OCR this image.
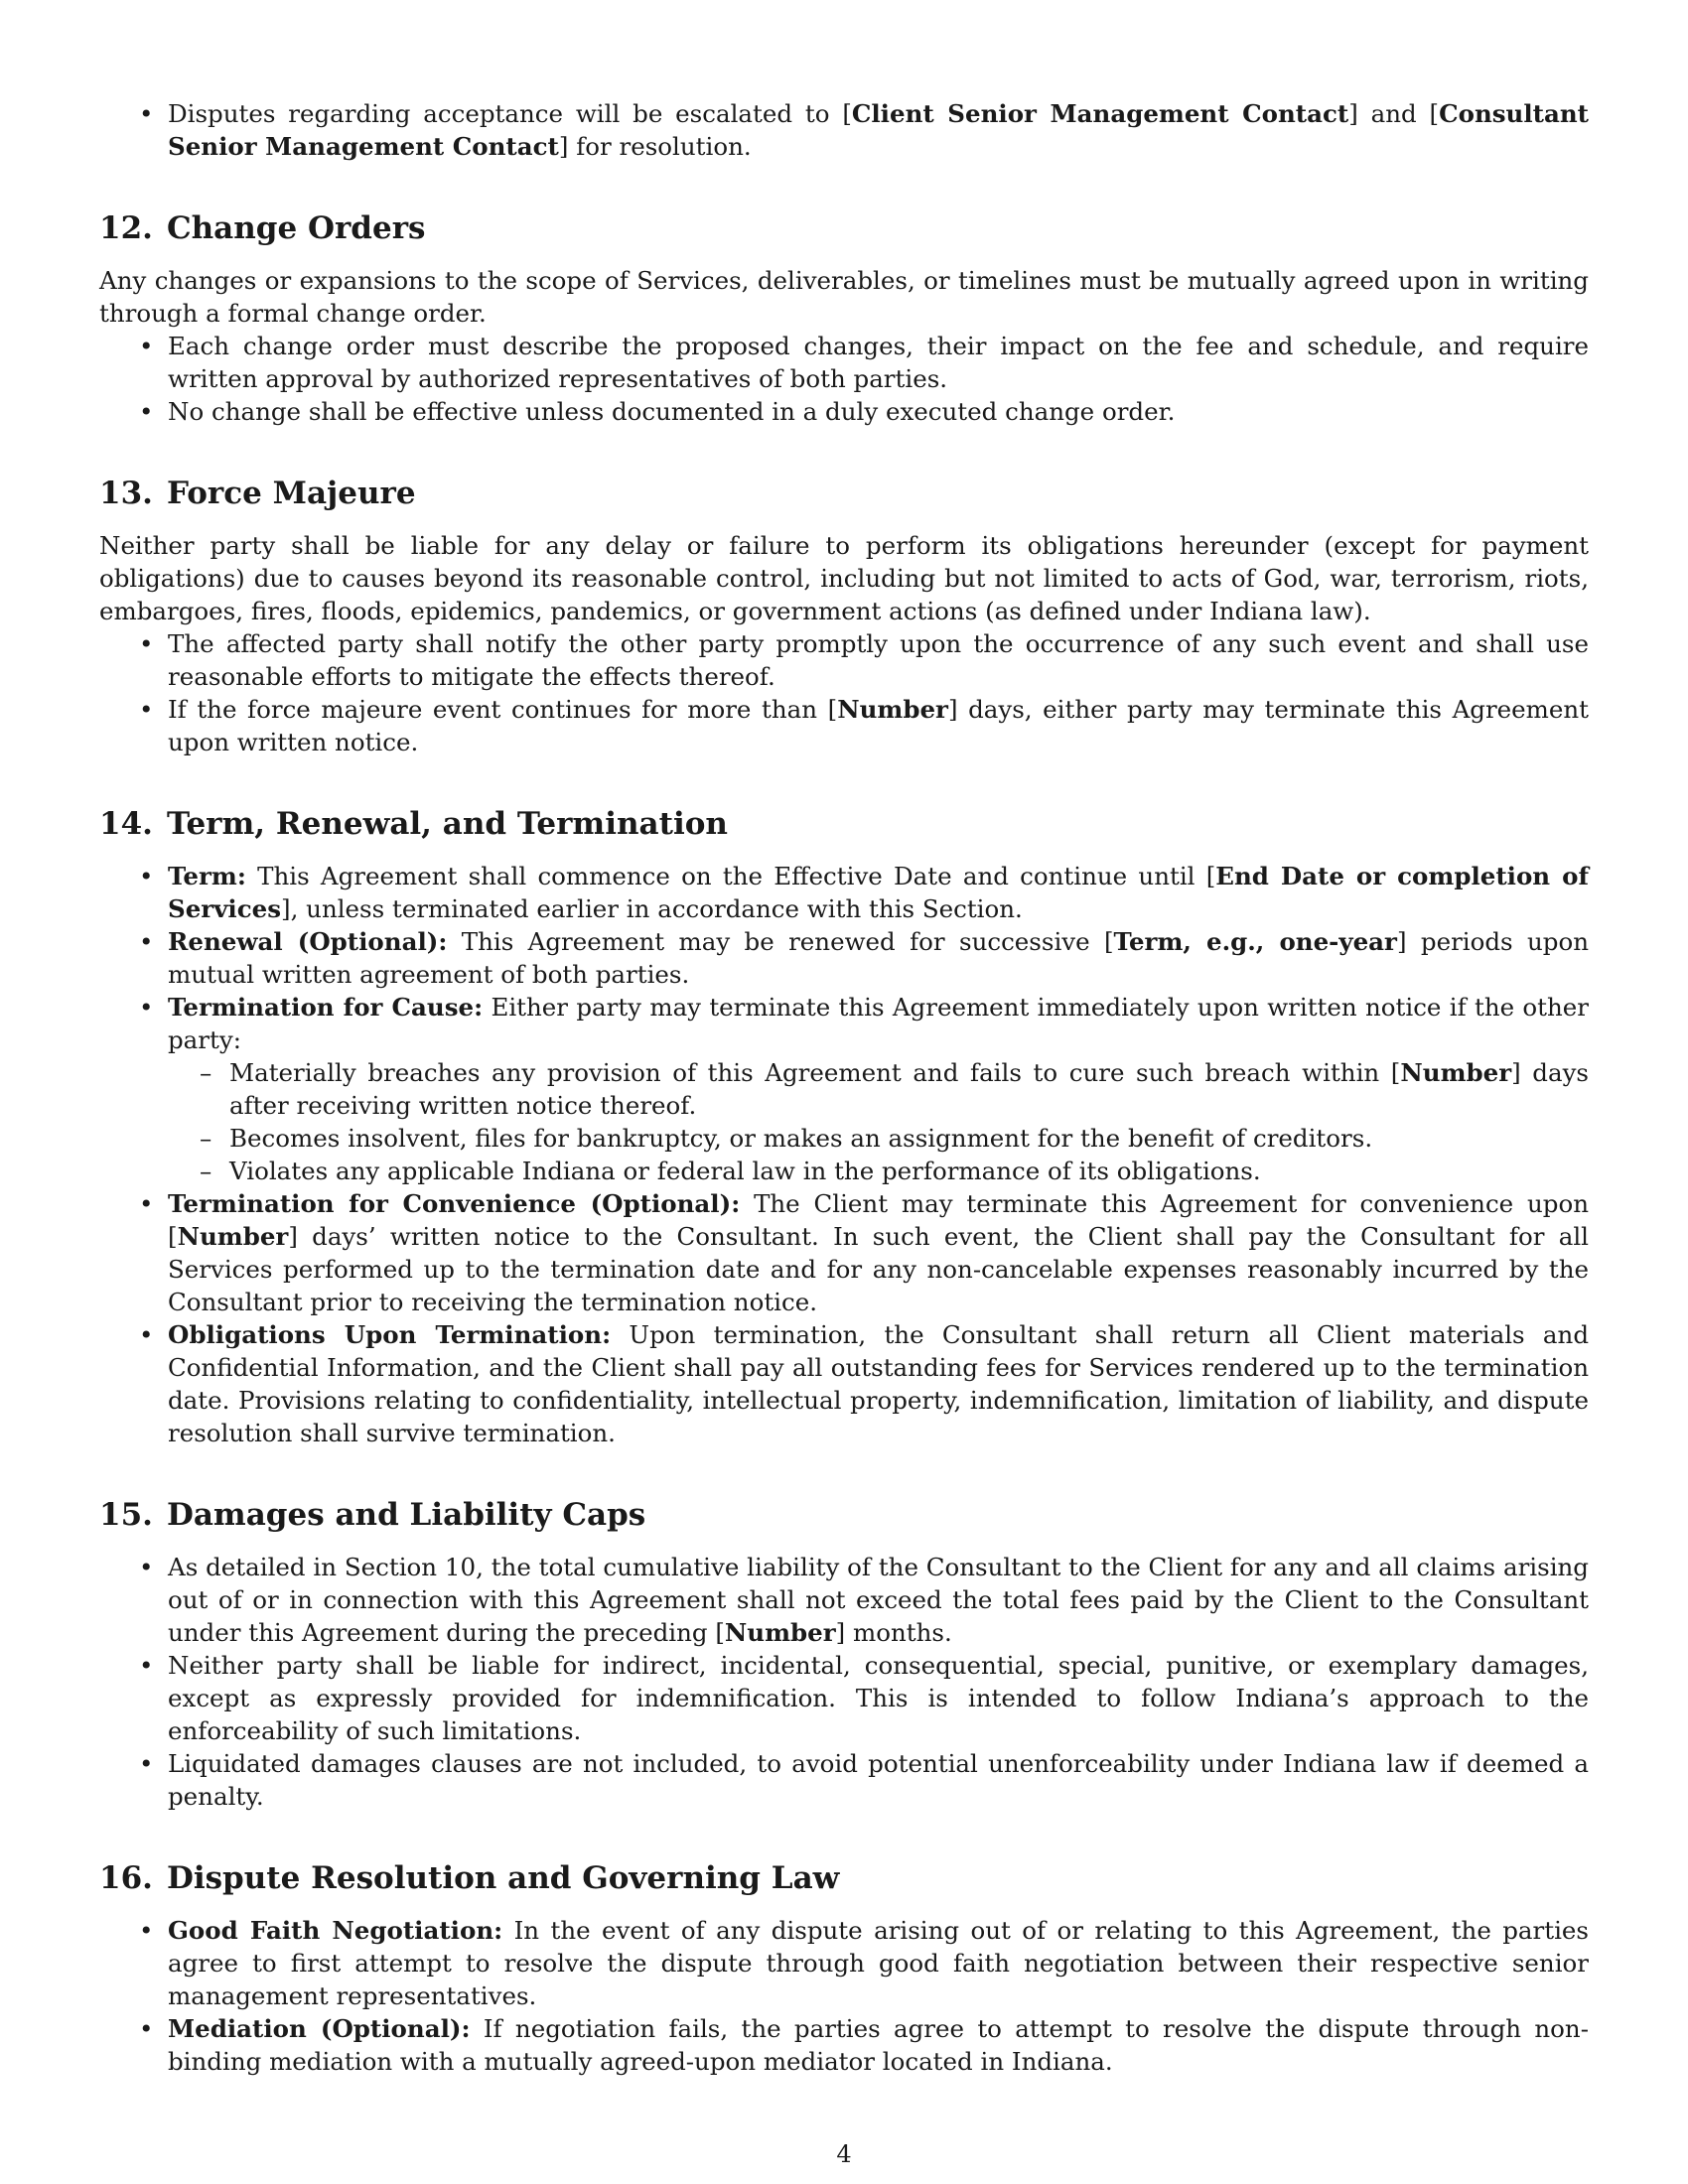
• Disputes regarding acceptance will be escalated to [Client Senior Management Contact] and [Consultant Senior Management Contact] for resolution.
12. Change Orders

Any changes or expansions to the scope of Services, deliverables, or timelines must be mutually agreed upon in writing through a formal change order.

• Each change order must describe the proposed changes, their impact on the fee and schedule, and require written approval by authorized representatives of both parties.
• No change shall be effective unless documented in a duly executed change order.
13. Force Majeure

Neither party shall be liable for any delay or failure to perform its obligations hereunder (except for payment obligations) due to causes beyond its reasonable control, including but not limited to acts of God, war, terrorism, riots, embargoes, fires, floods, epidemics, pandemics, or government actions (as defined under Indiana law).

• The affected party shall notify the other party promptly upon the occurrence of any such event and shall use reasonable efforts to mitigate the effects thereof.
• If the force majeure event continues for more than [Number] days, either party may terminate this Agreement upon written notice.
14. Term, Renewal, and Termination
• Term: This Agreement shall commence on the Effective Date and continue until [End Date or completion of Services], unless terminated earlier in accordance with this Section.
• Renewal (Optional): This Agreement may be renewed for successive [Term, e.g., one-year] periods upon mutual written agreement of both parties.
• Termination for Cause: Either party may terminate this Agreement immediately upon written notice if the other party:
– Materially breaches any provision of this Agreement and fails to cure such breach within [Number] days after receiving written notice thereof.
– Becomes insolvent, files for bankruptcy, or makes an assignment for the benefit of creditors.
– Violates any applicable Indiana or federal law in the performance of its obligations.
• Termination for Convenience (Optional): The Client may terminate this Agreement for convenience upon [Number] days’ written notice to the Consultant. In such event, the Client shall pay the Consultant for all Services performed up to the termination date and for any non-cancelable expenses reasonably incurred by the Consultant prior to receiving the termination notice.
• Obligations Upon Termination: Upon termination, the Consultant shall return all Client materials and Confidential Information, and the Client shall pay all outstanding fees for Services rendered up to the termination date. Provisions relating to confidentiality, intellectual property, indemnification, limitation of liability, and dispute resolution shall survive termination.
15. Damages and Liability Caps
• As detailed in Section 10, the total cumulative liability of the Consultant to the Client for any and all claims arising out of or in connection with this Agreement shall not exceed the total fees paid by the Client to the Consultant under this Agreement during the preceding [Number] months.
• Neither party shall be liable for indirect, incidental, consequential, special, punitive, or exemplary damages, except as expressly provided for indemnification. This is intended to follow Indiana’s approach to the enforceability of such limitations.
• Liquidated damages clauses are not included, to avoid potential unenforceability under Indiana law if deemed a penalty.
16. Dispute Resolution and Governing Law
• Good Faith Negotiation: In the event of any dispute arising out of or relating to this Agreement, the parties agree to first attempt to resolve the dispute through good faith negotiation between their respective senior management representatives.
• Mediation (Optional): If negotiation fails, the parties agree to attempt to resolve the dispute through non-binding mediation with a mutually agreed-upon mediator located in Indiana.
4
